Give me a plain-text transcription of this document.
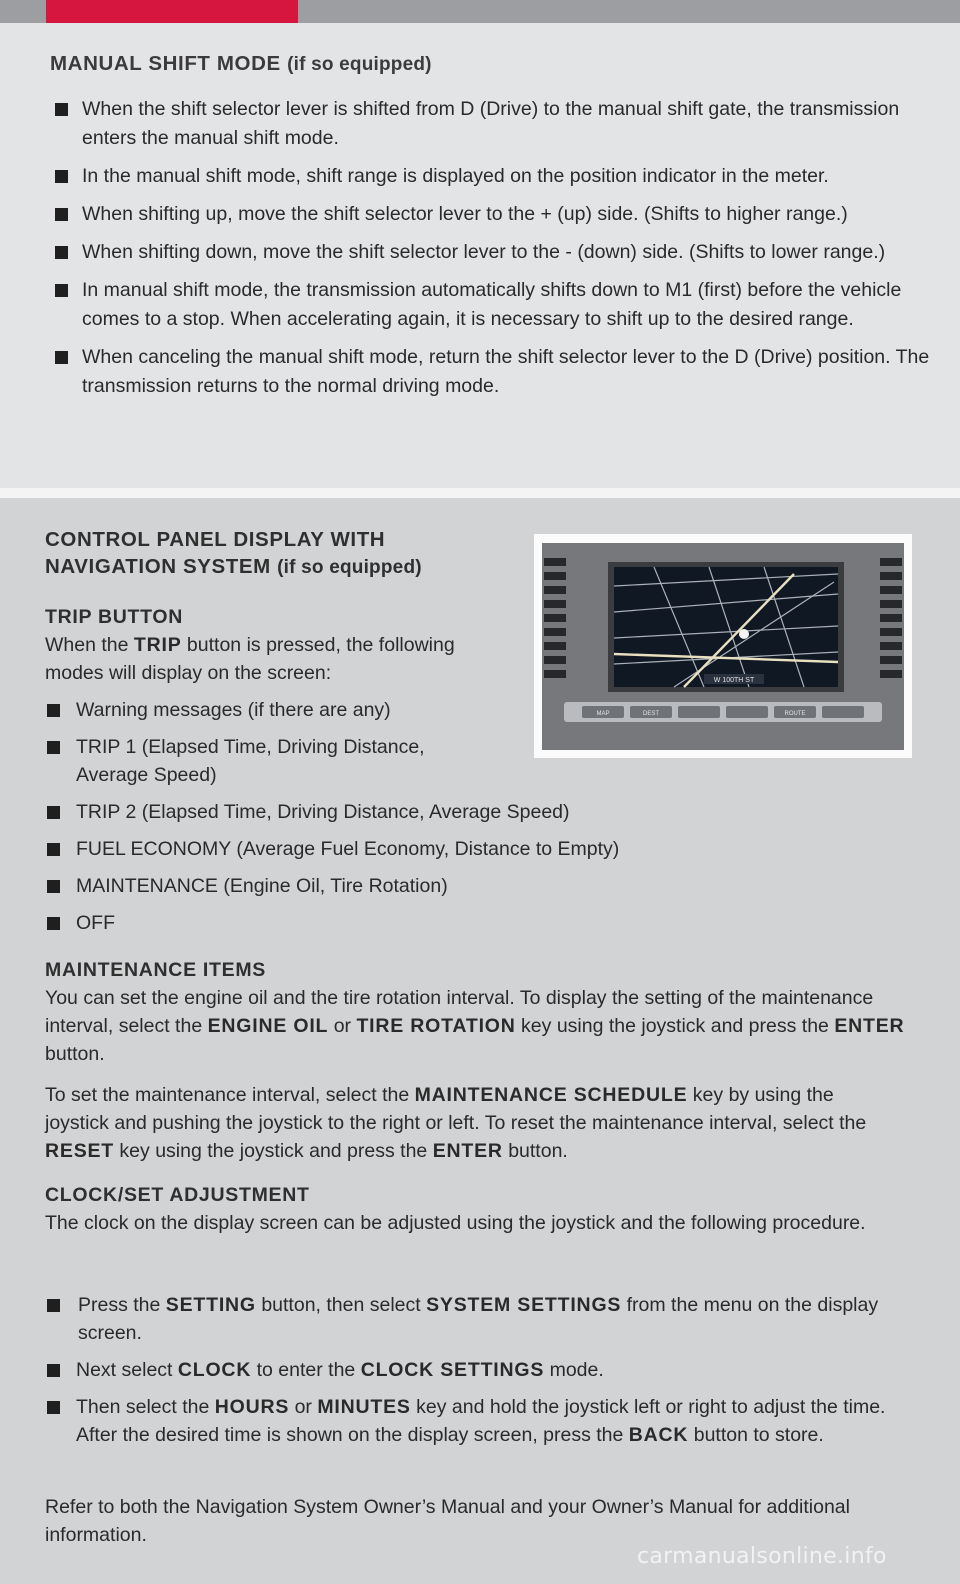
MANUAL SHIFT MODE (if so equipped)
When the shift selector lever is shifted from D (Drive) to the manual shift gate, the transmission enters the manual shift mode.
In the manual shift mode, shift range is displayed on the position indicator in the meter.
When shifting up, move the shift selector lever to the + (up) side. (Shifts to higher range.)
When shifting down, move the shift selector lever to the - (down) side. (Shifts to lower range.)
In manual shift mode, the transmission automatically shifts down to M1 (first) before the vehicle comes to a stop. When accelerating again, it is necessary to shift up to the desired range.
When canceling the manual shift mode, return the shift selector lever to the D (Drive) position. The transmission returns to the normal driving mode.
CONTROL PANEL DISPLAY WITH
NAVIGATION SYSTEM (if so equipped)

TRIP BUTTON
When the TRIP button is pressed, the following modes will display on the screen:

Warning messages (if there are any)
TRIP 1 (Elapsed Time, Driving Distance, Average Speed)
TRIP 2 (Elapsed Time, Driving Distance, Average Speed)
FUEL ECONOMY (Average Fuel Economy, Distance to Empty)
MAINTENANCE (Engine Oil, Tire Rotation)
OFF
W 100TH ST
MAP	DEST	ROUTE

MAINTENANCE ITEMS
You can set the engine oil and the tire rotation interval. To display the setting of the maintenance interval, select the ENGINE OIL or TIRE ROTATION key using the joystick and press the ENTER button.

To set the maintenance interval, select the MAINTENANCE SCHEDULE key by using the joystick and pushing the joystick to the right or left. To reset the maintenance interval, select the RESET key using the joystick and press the ENTER button.

CLOCK/SET ADJUSTMENT
The clock on the display screen can be adjusted using the joystick and the following procedure.

Press the SETTING button, then select SYSTEM SETTINGS from the menu on the display screen.
Next select CLOCK to enter the CLOCK SETTINGS mode.
Then select the HOURS or MINUTES key and hold the joystick left or right to adjust the time. After the desired time is shown on the display screen, press the BACK button to store.

Refer to both the Navigation System Owner’s Manual and your Owner’s Manual for additional information.

carmanualsonline.info
